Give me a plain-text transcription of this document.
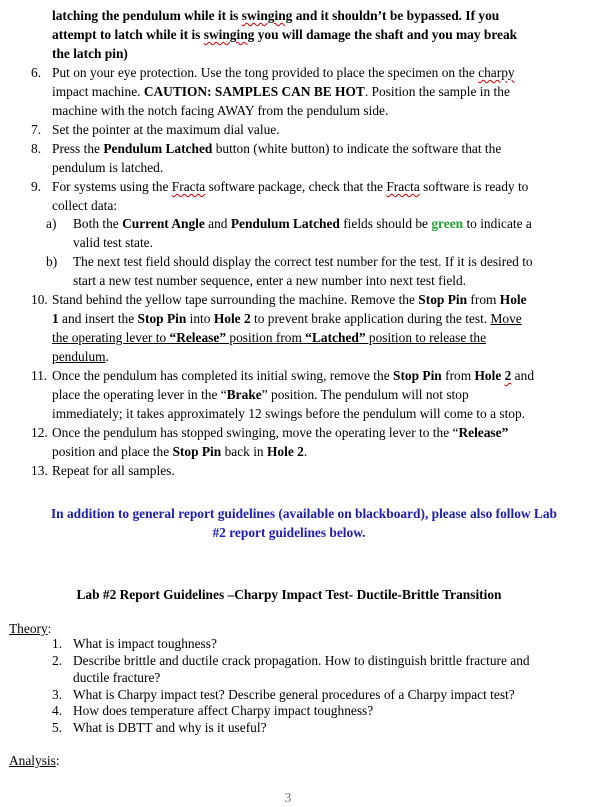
latching the pendulum while it is swinging and it shouldn’t be bypassed. If you
attempt to latch while it is swinging you will damage the shaft and you may break
the latch pin)
6. Put on your eye protection. Use the tong provided to place the specimen on the charpy
impact machine. CAUTION: SAMPLES CAN BE HOT. Position the sample in the
machine with the notch facing AWAY from the pendulum side.
7. Set the pointer at the maximum dial value.
8. Press the Pendulum Latched button (white button) to indicate the software that the
pendulum is latched.
9. For systems using the Fracta software package, check that the Fracta software is ready to
collect data:
a) Both the Current Angle and Pendulum Latched fields should be green to indicate a
valid test state.
b) The next test field should display the correct test number for the test. If it is desired to
start a new test number sequence, enter a new number into next test field.
10. Stand behind the yellow tape surrounding the machine. Remove the Stop Pin from Hole
1 and insert the Stop Pin into Hole 2 to prevent brake application during the test. Move
the operating lever to “Release” position from “Latched” position to release the
pendulum.
11. Once the pendulum has completed its initial swing, remove the Stop Pin from Hole 2 and
place the operating lever in the “Brake” position. The pendulum will not stop
immediately; it takes approximately 12 swings before the pendulum will come to a stop.
12. Once the pendulum has stopped swinging, move the operating lever to the “Release”
position and place the Stop Pin back in Hole 2.
13. Repeat for all samples.
In addition to general report guidelines (available on blackboard), please also follow Lab
#2 report guidelines below.
Lab #2 Report Guidelines –Charpy Impact Test- Ductile-Brittle Transition
Theory:
1. What is impact toughness?
2. Describe brittle and ductile crack propagation. How to distinguish brittle fracture and
ductile fracture?
3. What is Charpy impact test? Describe general procedures of a Charpy impact test?
4. How does temperature affect Charpy impact toughness?
5. What is DBTT and why is it useful?
Analysis:
3
